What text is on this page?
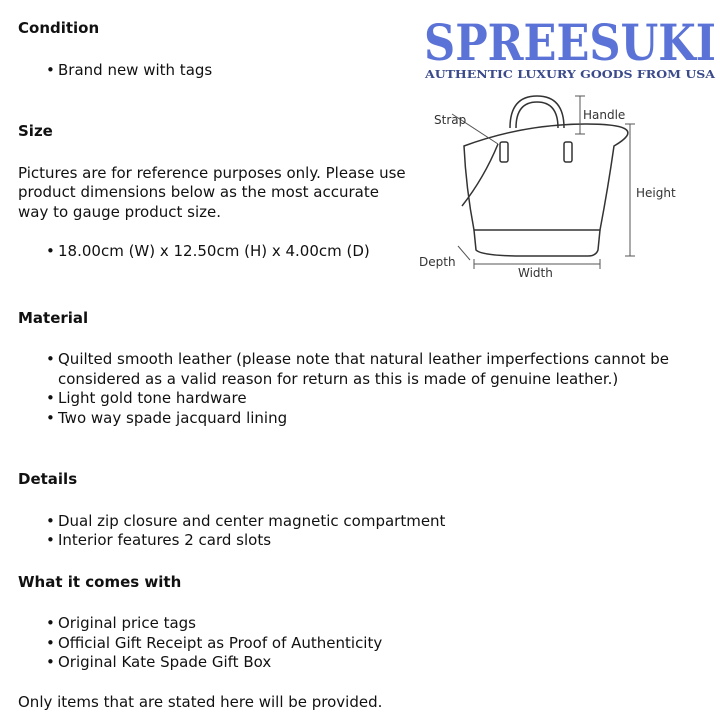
Condition
• Brand new with tags
Size

Pictures are for reference purposes only. Please use product dimensions below as the most accurate way to gauge product size.

• 18.00cm (W) x 12.50cm (H) x 4.00cm (D)
Material
• Quilted smooth leather (please note that natural leather imperfections cannot be considered as a valid reason for return as this is made of genuine leather.)
• Light gold tone hardware
• Two way spade jacquard lining
Details
• Dual zip closure and center magnetic compartment
• Interior features 2 card slots
What it comes with
• Original price tags
• Official Gift Receipt as Proof of Authenticity
• Original Kate Spade Gift Box

Only items that are stated here will be provided.

SPREESUKI
AUTHENTIC LUXURY GOODS FROM USA
Strap	Handle
Height
Depth
Width
